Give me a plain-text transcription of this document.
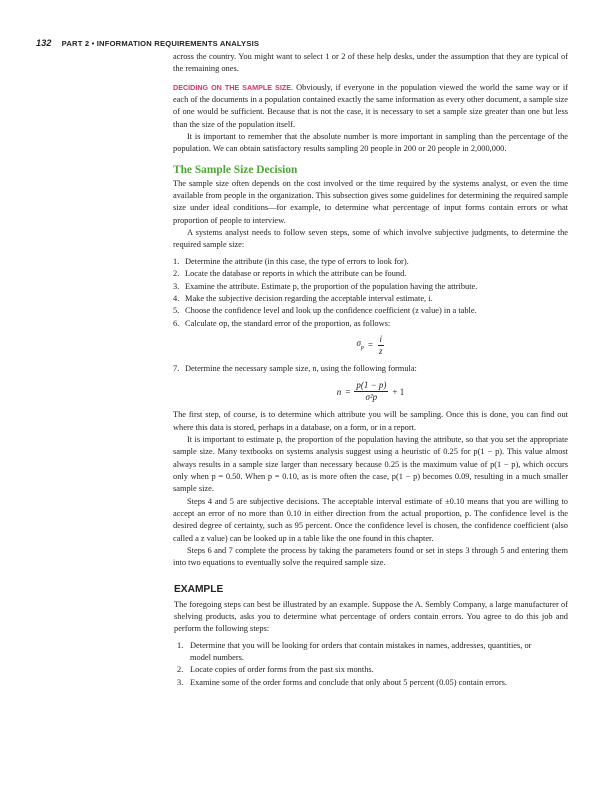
132 PART 2 • INFORMATION REQUIREMENTS ANALYSIS

across the country. You might want to select 1 or 2 of these help desks, under the assumption that they are typical of the remaining ones.

DECIDING ON THE SAMPLE SIZE. Obviously, if everyone in the population viewed the world the same way or if each of the documents in a population contained exactly the same information as every other document, a sample size of one would be sufficient. Because that is not the case, it is necessary to set a sample size greater than one but less than the size of the population itself.

It is important to remember that the absolute number is more important in sampling than the percentage of the population. We can obtain satisfactory results sampling 20 people in 200 or 20 people in 2,000,000.

The Sample Size Decision

The sample size often depends on the cost involved or the time required by the systems analyst, or even the time available from people in the organization. This subsection gives some guidelines for determining the required sample size under ideal conditions—for example, to determine what percentage of input forms contain errors or what proportion of people to interview.

A systems analyst needs to follow seven steps, some of which involve subjective judgments, to determine the required sample size:

1. Determine the attribute (in this case, the type of errors to look for).
2. Locate the database or reports in which the attribute can be found.
3. Examine the attribute. Estimate p, the proportion of the population having the attribute.
4. Make the subjective decision regarding the acceptable interval estimate, i.
5. Choose the confidence level and look up the confidence coefficient (z value) in a table.
6. Calculate σp, the standard error of the proportion, as follows:
$\sigma_p = \frac{i}{z}$
7. Determine the necessary sample size, n, using the following formula:
$n = \frac{p(1 - p)}{\text{σ²p}} + 1$

The first step, of course, is to determine which attribute you will be sampling. Once this is done, you can find out where this data is stored, perhaps in a database, on a form, or in a report.

It is important to estimate p, the proportion of the population having the attribute, so that you set the appropriate sample size. Many textbooks on systems analysis suggest using a heuristic of 0.25 for p(1 − p). This value almost always results in a sample size larger than necessary because 0.25 is the maximum value of p(1 − p), which occurs only when p = 0.50. When p = 0.10, as is more often the case, p(1 − p) becomes 0.09, resulting in a much smaller sample size.

Steps 4 and 5 are subjective decisions. The acceptable interval estimate of ±0.10 means that you are willing to accept an error of no more than 0.10 in either direction from the actual proportion, p. The confidence level is the desired degree of certainty, such as 95 percent. Once the confidence level is chosen, the confidence coefficient (also called a z value) can be looked up in a table like the one found in this chapter.

Steps 6 and 7 complete the process by taking the parameters found or set in steps 3 through 5 and entering them into two equations to eventually solve the required sample size.

EXAMPLE

The foregoing steps can best be illustrated by an example. Suppose the A. Sembly Company, a large manufacturer of shelving products, asks you to determine what percentage of orders contain errors. You agree to do this job and perform the following steps:

1. Determine that you will be looking for orders that contain mistakes in names, addresses, quantities, or model numbers.
2. Locate copies of order forms from the past six months.
3. Examine some of the order forms and conclude that only about 5 percent (0.05) contain errors.
